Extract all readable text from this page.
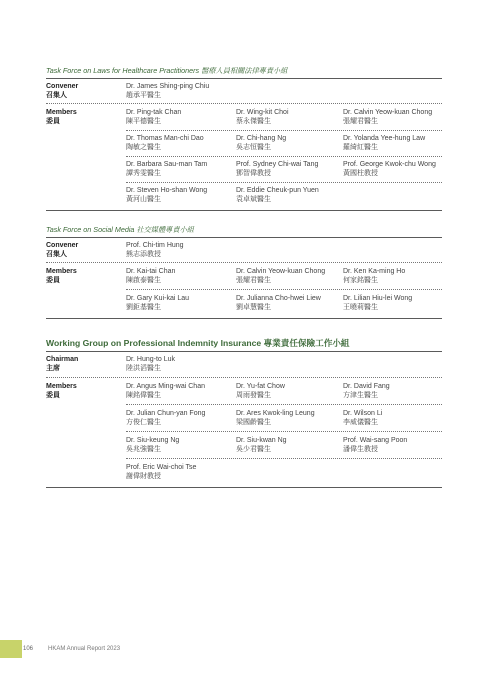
Task Force on Laws for Healthcare Practitioners 醫療人員相關法律專責小組
Convener
召集人
Dr. James Shing-ping Chiu
趙承平醫生
Members
委員
Dr. Ping-tak Chan
陳平德醫生
Dr. Wing-kit Choi
蔡永傑醫生
Dr. Calvin Yeow-kuan Chong
張耀君醫生
Dr. Thomas Man-chi Dao
陶敏之醫生
Dr. Chi-hang Ng
吳志恒醫生
Dr. Yolanda Yee-hung Law
羅綺紅醫生
Dr. Barbara Sau-man Tam
譚秀雯醫生
Prof. Sydney Chi-wai Tang
鄧智偉教授
Prof. George Kwok-chu Wong
黃國柱教授
Dr. Steven Ho-shan Wong
黃河山醫生
Dr. Eddie Cheuk-pun Yuen
袁卓斌醫生
Task Force on Social Media 社交媒體專責小組
Convener
召集人
Prof. Chi-tim Hung
熊志添教授
Members
委員
Dr. Kai-tai Chan
陳啟泰醫生
Dr. Calvin Yeow-kuan Chong
張耀君醫生
Dr. Ken Ka-ming Ho
何家銘醫生
Dr. Gary Kui-kai Lau
劉鉅基醫生
Dr. Julianna Cho-hwei Liew
劉卓慧醫生
Dr. Lilian Hiu-lei Wong
王曉莉醫生
Working Group on Professional Indemnity Insurance 專業責任保險工作小組
Chairman
主席
Dr. Hung-to Luk
陸洪滔醫生
Members
委員
Dr. Angus Ming-wai Chan
陳銘偉醫生
Dr. Yu-fat Chow
周雨發醫生
Dr. David Fang
方津生醫生
Dr. Julian Chun-yan Fong
方俊仁醫生
Dr. Ares Kwok-ling Leung
梁國齡醫生
Dr. Wilson Li
李威儀醫生
Dr. Siu-keung Ng
吳兆強醫生
Dr. Siu-kwan Ng
吳少君醫生
Prof. Wai-sang Poon
潘偉生教授
Prof. Eric Wai-choi Tse
謝偉財教授
106 HKAM Annual Report 2023
